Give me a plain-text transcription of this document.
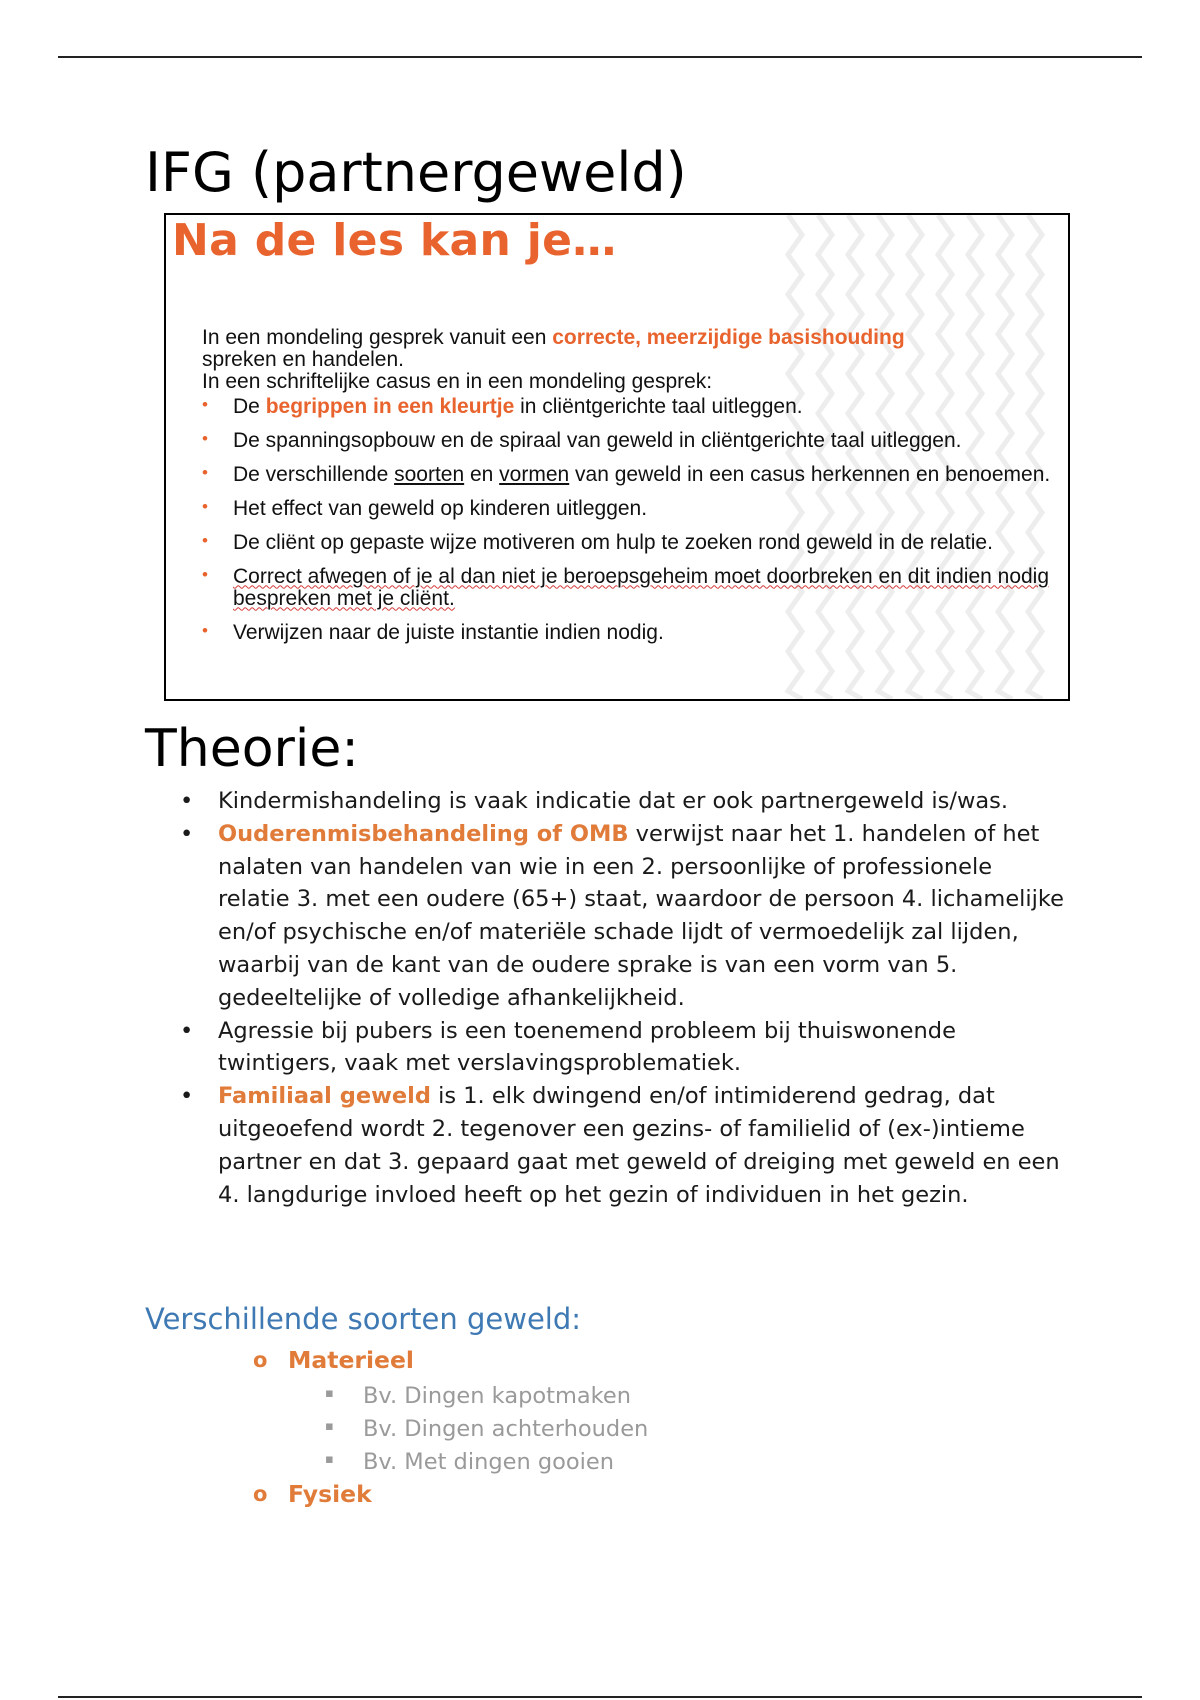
IFG (partnergeweld)
Na de les kan je…

In een mondeling gesprek vanuit een correcte, meerzijdige basishouding

spreken en handelen.

In een schriftelijke casus en in een mondeling gesprek:

• De begrippen in een kleurtje in cliëntgerichte taal uitleggen.
• De spanningsopbouw en de spiraal van geweld in cliëntgerichte taal uitleggen.
• De verschillende soorten en vormen van geweld in een casus herkennen en benoemen.
• Het effect van geweld op kinderen uitleggen.
• De cliënt op gepaste wijze motiveren om hulp te zoeken rond geweld in de relatie.
• Correct afwegen of je al dan niet je beroepsgeheim moet doorbreken en dit indien nodig bespreken met je cliënt.
• Verwijzen naar de juiste instantie indien nodig.
Theorie:
• Kindermishandeling is vaak indicatie dat er ook partnergeweld is/was.
• Ouderenmisbehandeling of OMB verwijst naar het 1. handelen of het nalaten van handelen van wie in een 2. persoonlijke of professionele relatie 3. met een oudere (65+) staat, waardoor de persoon 4. lichamelijke en/of psychische en/of materiële schade lijdt of vermoedelijk zal lijden, waarbij van de kant van de oudere sprake is van een vorm van 5. gedeeltelijke of volledige afhankelijkheid.
• Agressie bij pubers is een toenemend probleem bij thuiswonende twintigers, vaak met verslavingsproblematiek.
• Familiaal geweld is 1. elk dwingend en/of intimiderend gedrag, dat uitgeoefend wordt 2. tegenover een gezins- of familielid of (ex-)intieme partner en dat 3. gepaard gaat met geweld of dreiging met geweld en een 4. langdurige invloed heeft op het gezin of individuen in het gezin.
Verschillende soorten geweld:
o Materieel
▪ Bv. Dingen kapotmaken
▪ Bv. Dingen achterhouden
▪ Bv. Met dingen gooien
o Fysiek
